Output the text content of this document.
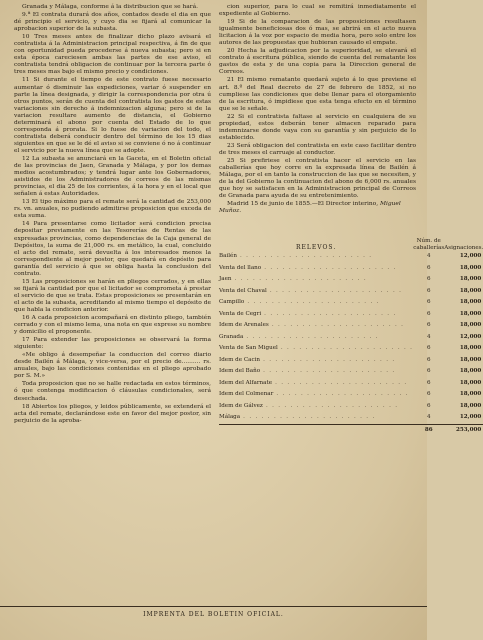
Granada y Málaga, conforme á la distribucion que se hará.

9.ª El contrata durará dos años, contados desde el dia en que dé principio el servicio, y cuyo dia se fijará al comunicar la aprobacion superior de la subasta.

10 Tres meses antes de finalizar dicho plazo avisará el contratista á la Administracion principal respectiva, á fin de que con oportunidad pueda procederse á nueva subasta; pero si en esta época careciesen ambas las partes de ese aviso, el contratista tendrá obligacion de continuar por la tercera parte ó tres meses mas bajo el mismo precio y condiciones.

11 Si durante el tiempo de este contrato fuese necesario aumentar ó disminuir las expediciones, variar ó suspender en parte la línea designada, y dirigir la correspondencia por otra ú otros puntos, serán de cuenta del contratista los gastos de estas variaciones sin derecho á indemnizacion alguna; pero si de la variacion resultare aumento de distancia, el Gobierno determinará el abono por cuenta del Estado de lo que corresponda á prorata. Si lo fuese de variacion del todo, el contratista deberá conducir dentro del término de los 15 dias siguientes en que se le dé el aviso si se conviene ó no á continuar el servicio por la nueva línea que se adopte.

12 La subasta se anunciará en la Gaceta, en el Boletin oficial de las provincias de Jaen, Granada y Málaga, y por los demas medios acostumbrados; y tendrá lugar ante los Gobernadores, asistidos de los Administradores de correos de las mismas provincias, el dia 25 de los corrientes, á la hora y en el local que señalen á estas Autoridades.

13 El tipo máximo para el remate será la cantidad de 253,000 rs. vn. anuales, no pudiendo admitirse proposicion que exceda de esta suma.

14 Para presentarse como licitador será condicion precisa depositar previamente en las Tesorerías de Rentas de las expresadas provincias, como dependencias de la Caja general de Depósitos, la suma de 21,000 rs. en metálico, la cual, concluido el acto del remate, será devuelta á los interesados menos la correspondiente al mejor postor, que quedará en depósito para garantía del servicio á que se obliga hasta la conclusion del contrato.

15 Las proposiciones se harán en pliegos cerrados, y en ellas se fijará la cantidad por que el licitador se comprometa á prestar el servicio de que se trata. Estas proposiciones se presentarán en el acto de la subasta, acreditando al mismo tiempo el depósito de que habla la condicion anterior.

16 A cada proposicion acompañará en distinto pliego, también cerrado y con el mismo lema, una nota en que exprese su nombre y domicilio el proponente.

17 Para extender las proposiciones se observará la forma siguiente:

«Me obligo á desempeñar la conduccion del correo diario desde Bailén á Málaga, y vice-versa, por el precio de.......... rs. anuales, bajo las condiciones contenidas en el pliego aprobado por S. M.»

Toda proposicion que no se halle redactada en estos términos, ó que contenga modificacion ó cláusulas condicionales, será desechada.

18 Abiertos los pliegos, y leidos públicamente, se extenderá el acta del remate, declarándose este en favor del mejor postor, sin perjuicio de la aproba-

cion superior, para lo cual se remitirá inmediatamente el expediente al Gobierno.

19 Si de la comparacion de las proposiciones resultasen igualmente beneficiosas dos ó mas, se abrirá en el acto nueva licitacion á la voz por espacio de media hora, pero solo entre los autores de las propuestas que hubieran causado el empate.

20 Hecha la adjudicacion por la superioridad, se elevará el contrato á escritura pública, siendo de cuenta del rematante los gastos de esta y de una copia para la Direccion general de Correos.

21 El mismo rematante quedará sujeto á lo que previene el art. 8.º del Real decreto de 27 de febrero de 1852, si no cumpliese las condiciones que debe llenar para el otorgamiento de la escritura, ó impidiese que esta tenga efecto en el término que se le señale.

22 Si el contratista faltase al servicio en cualquiera de su propiedad, estos deberán tener almacen reparado para indemnizarse donde vaya con su garantía y sin perjuicio de lo establecido.

23 Será obligacion del contratista en este caso facilitar dentro de tres meses el carruaje al conductor.

25 Si prefiriese el contratista hacer el servicio en las caballerías que hoy corre en la expresada línea de Bailén á Málaga, por el en tanto la construccion de las que se necesiten, y de la del Gobierno la continuacion del abono de 6,000 rs. anuales que hoy se satisfacen en la Administracion principal de Correos de Granada para ayuda de su entretenimiento.

Madrid 15 de junio de 1855.—El Director interino, Miguel Muñoz.

RELEVOS.	Núm. de caballerías	Asignaciones.
Bailén . . .	4	12,000
Venta del llano . . .	6	18,000
Jaen . . .	6	18,000
Venta del Chaval . . .	6	18,000
Campillo . . .	6	18,000
Venta de Cegri . . .	6	18,000
Idem de Arenales . . .	6	18,000
Granada . . .	4	12,000
Venta de San Miguel . . .	6	18,000
Idem de Cacin . . .	6	18,000
Idem del Baño . . .	6	18,000
Idem del Alfarnate . . .	6	18,000
Idem del Colmenar . . .	6	18,000
Idem de Gálvez . . .	6	18,000
Málaga . . .	4	12,000
	86	253,000
IMPRENTA DEL BOLETIN OFICIAL.
